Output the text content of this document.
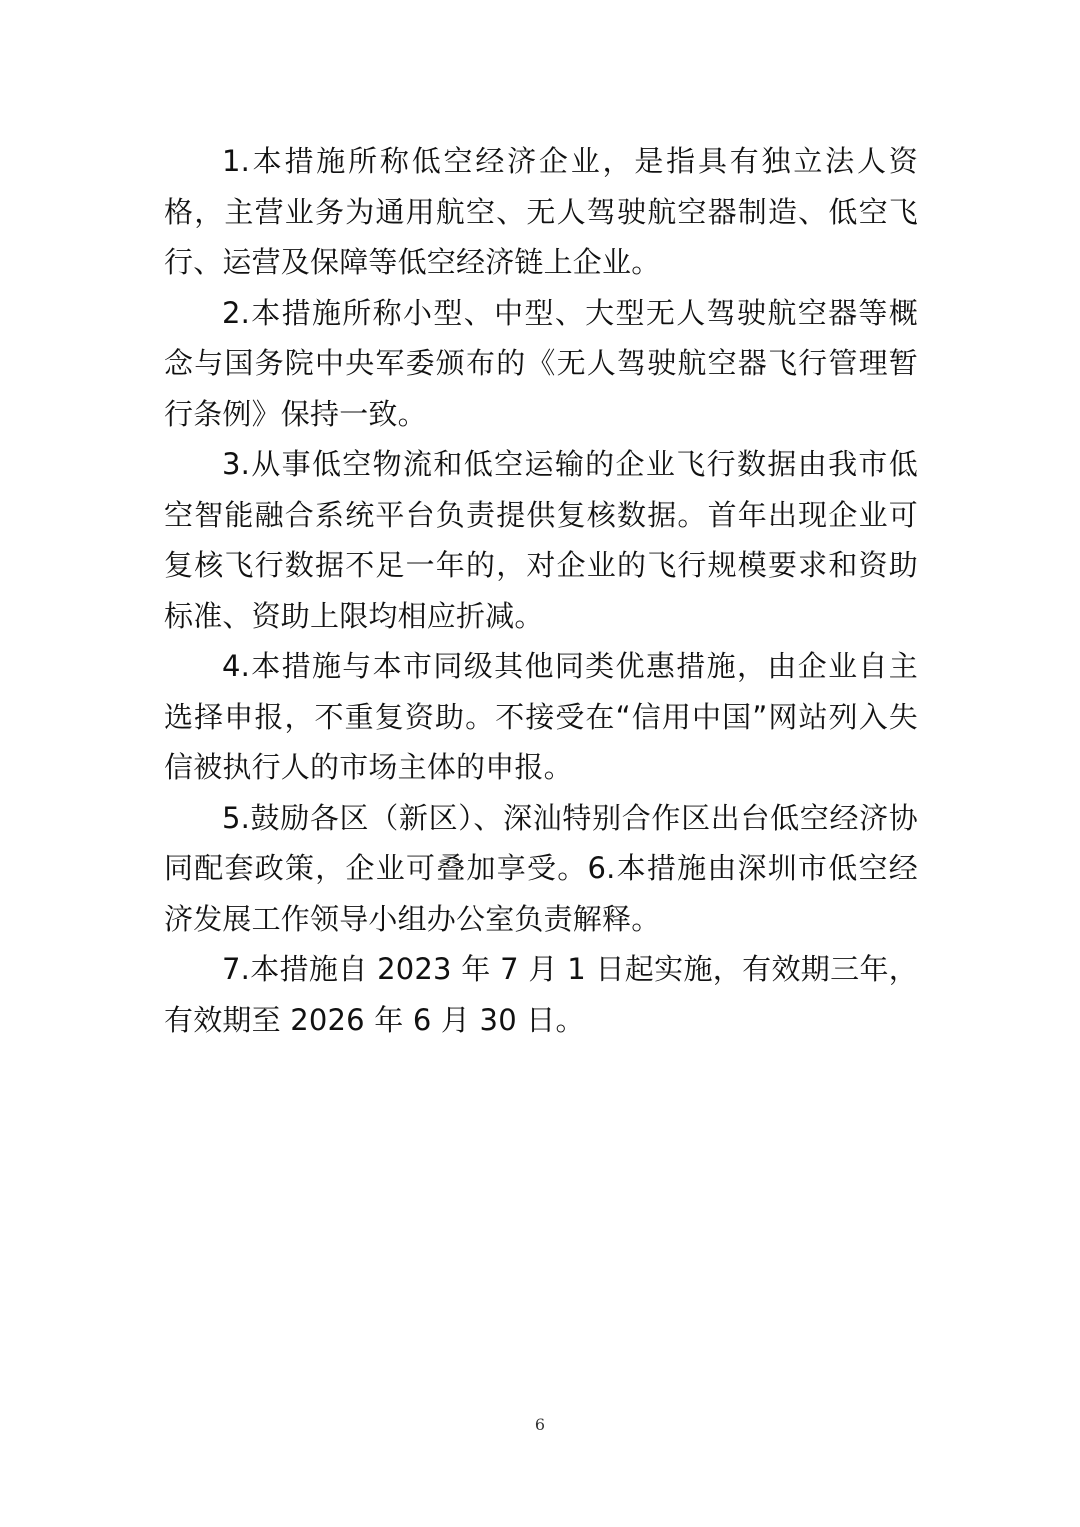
1.本措施所称低空经济企业，是指具有独立法人资格，主营业务为通用航空、无人驾驶航空器制造、低空飞行、运营及保障等低空经济链上企业。

2.本措施所称小型、中型、大型无人驾驶航空器等概念与国务院中央军委颁布的《无人驾驶航空器飞行管理暂行条例》保持一致。

3.从事低空物流和低空运输的企业飞行数据由我市低空智能融合系统平台负责提供复核数据。首年出现企业可复核飞行数据不足一年的，对企业的飞行规模要求和资助标准、资助上限均相应折减。

4.本措施与本市同级其他同类优惠措施，由企业自主选择申报，不重复资助。不接受在“信用中国”网站列入失信被执行人的市场主体的申报。

5.鼓励各区（新区）、深汕特别合作区出台低空经济协同配套政策，企业可叠加享受。6.本措施由深圳市低空经济发展工作领导小组办公室负责解释。

7.本措施自 2023 年 7 月 1 日起实施，有效期三年，有效期至 2026 年 6 月 30 日。

6
